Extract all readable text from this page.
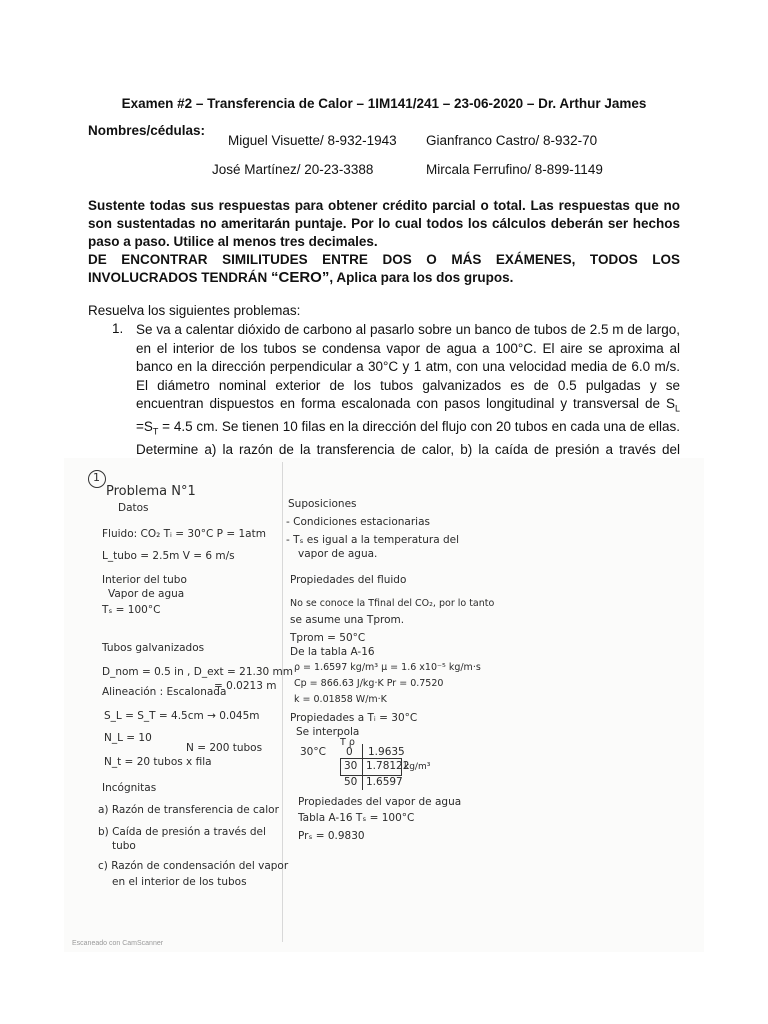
Examen #2 – Transferencia de Calor – 1IM141/241 – 23-06-2020 – Dr. Arthur James
Nombres/cédulas:
Miguel Visuette/ 8-932-1943 Gianfranco Castro/ 8-932-70
José Martínez/ 20-23-3388	Mircala Ferrufino/ 8-899-1149
Sustente todas sus respuestas para obtener crédito parcial o total. Las respuestas que no son sustentadas no ameritarán puntaje. Por lo cual todos los cálculos deberán ser hechos paso a paso. Utilice al menos tres decimales.
DE ENCONTRAR SIMILITUDES ENTRE DOS O MÁS EXÁMENES, TODOS LOS INVOLUCRADOS TENDRÁN “CERO”, Aplica para los dos grupos.
Resuelva los siguientes problemas:
1. Se va a calentar dióxido de carbono al pasarlo sobre un banco de tubos de 2.5 m de largo, en el interior de los tubos se condensa vapor de agua a 100°C. El aire se aproxima al banco en la dirección perpendicular a 30°C y 1 atm, con una velocidad media de 6.0 m/s. El diámetro nominal exterior de los tubos galvanizados es de 0.5 pulgadas y se encuentran dispuestos en forma escalonada con pasos longitudinal y transversal de $S_L =S_T = 4.5$ cm. Se tienen 10 filas en la dirección del flujo con 20 tubos en cada una de ellas. Determine a) la razón de la transferencia de calor, b) la caída de presión a través del
1
Problema N°1
Datos
Fluido: CO₂ Tᵢ = 30°C P = 1atm
L_tubo = 2.5m V = 6 m/s
Interior del tubo
Vapor de agua
Tₛ = 100°C
Tubos galvanizados
D_nom = 0.5 in , D_ext = 21.30 mm
= 0.0213 m
Alineación : Escalonada
S_L = S_T = 4.5cm → 0.045m
N_L = 10
N = 200 tubos
N_t = 20 tubos x fila
Incógnitas
a) Razón de transferencia de calor
b) Caída de presión a través del
tubo
c) Razón de condensación del vapor
en el interior de los tubos
Suposiciones
- Condiciones estacionarias
- Tₛ es igual a la temperatura del
vapor de agua.
Propiedades del fluido
No se conoce la Tfinal del CO₂, por lo tanto
se asume una Tprom.
Tprom = 50°C
De la tabla A-16
ρ = 1.6597 kg/m³ μ = 1.6 x10⁻⁵ kg/m·s
Cp = 866.63 J/kg·K Pr = 0.7520
k = 0.01858 W/m·K
Propiedades a Tᵢ = 30°C
Se interpola
T ρ
30°C 0 1.9635
30 1.78122
kg/m³
50 1.6597
Propiedades del vapor de agua
Tabla A-16 Tₛ = 100°C
Prₛ = 0.9830
Escaneado con CamScanner
